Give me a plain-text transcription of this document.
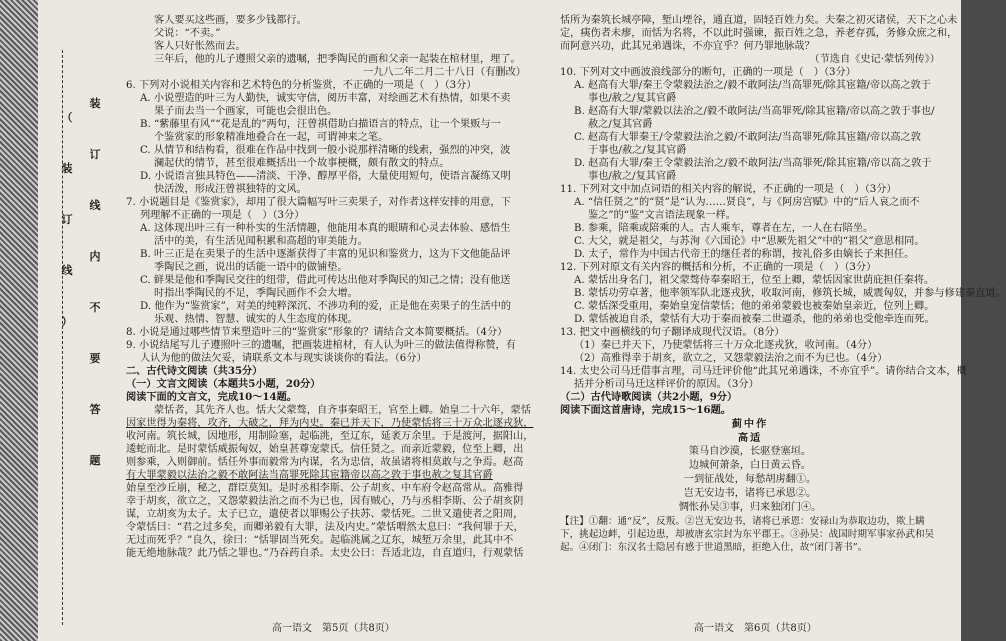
装
订
线
内
不
要
答
题
（
装
订
线
）
客人要买这些画，要多少钱都行。
父说：“不卖。”
客人只好怅然而去。
三年后，他的儿子遵照父亲的遗嘱，把季陶民的画和父亲一起装在棺材里，埋了。
一九八二年二月二十八日（有删改）
6. 下列对小说相关内容和艺术特色的分析鉴赏，不正确的一项是（　）（3分）
A. 小说塑造的叶三为人勤快，诚实守信，阅历丰富，对绘画艺术有热情，如果不卖
果子而去当一个画家，可能也会很出色。
B. “紫藤里有风”“花是乱的”两句，汪曾祺借助白描语言的特点，让一个果贩与一
个鉴赏家的形象精准地叠合在一起，可谓神来之笔。
C. 从情节和结构看，很难在作品中找到一般小说那样清晰的线索，强烈的冲突，波
澜起伏的情节，甚至很难概括出一个故事梗概，颇有散文的特点。
D. 小说语言独具特色——清淡、干净、醇厚平俗，大量使用短句，使语言凝练又明
快活泼，形成汪曾祺独特的文风。
7. 小说题目是《鉴赏家》，却用了很大篇幅写叶三卖果子，对作者这样安排的用意，下
列理解不正确的一项是（　）（3分）
A. 这体现出叶三有一种朴实的生活情趣，他能用本真的眼睛和心灵去体验、感悟生
活中的美，有生活见闻积累和高超的审美能力。
B. 叶三正是在卖果子的生活中逐渐获得了丰富的见识和鉴赏力，这为下文他能品评
季陶民之画，说出的话能一语中的做铺垫。
C. 鲜果是他和季陶民交往的纽带，借此可传达出他对季陶民的知己之情；没有他送
时指出季陶民的不足，季陶民画作不会大增。
D. 他作为“鉴赏家”，对美的纯粹深沉、不涉功利的爱，正是他在卖果子的生活中的
乐观、热情、智慧、诚实的人生态度的体现。
8. 小说是通过哪些情节来塑造叶三的“鉴赏家”形象的？请结合文本简要概括。（4分）
9. 小说结尾写儿子遵照叶三的遗嘱，把画装进棺材，有人认为叶三的做法值得称赞，有
人认为他的做法欠妥，请联系文本与现实谈谈你的看法。（6分）
二、古代诗文阅读（共35分）
（一）文言文阅读（本题共5小题，20分）
阅读下面的文言文，完成10～14题。
蒙恬者，其先齐人也。恬大父蒙骜，自齐事秦昭王，官至上卿。始皇二十六年，蒙恬
因家世得为秦将，攻齐，大破之，拜为内史。秦已并天下，乃使蒙恬将三十万众北逐戎狄，
收河南。筑长城，因地形，用制险塞，起临洮，至辽东，延袤万余里。于是渡河，据阳山，
逶蛇而北。是时蒙恬威振匈奴，始皇甚尊宠蒙氏。信任贤之。而亲近蒙毅，位至上卿，出
则参乘，入则御前。恬任外事而毅常为内谋，名为忠信，故虽诸将相莫敢与之争焉。赵高
有大罪蒙毅以法治之毅不敢阿法当高罪死除其宦籍帝以高之敦于事也赦之复其官爵
始皇至沙丘崩，秘之，群臣莫知。是时丞相李斯、公子胡亥、中车府令赵高常从。高雅得
幸于胡亥，欲立之，又怨蒙毅法治之而不为已也，因有贼心，乃与丞相李斯、公子胡亥阴
谋，立胡亥为太子。太子已立，遣使者以罪赐公子扶苏、蒙恬死。二世又遣使者之阳周，
令蒙恬曰：“君之过多矣，而卿弟毅有大罪，法及内史。”蒙恬喟然太息曰：“我何罪于天，
无过而死乎？”良久，徐曰：“恬罪固当死矣。起临洮属之辽东，城堑万余里，此其中不
能无绝地脉哉？此乃恬之罪也。”乃吞药自杀。太史公曰：吾适北边，自直道归，行观蒙恬
高一语文　第5页（共8页）
恬所为秦筑长城亭障，堑山堙谷，通直道，固轻百姓力矣。夫秦之初灭诸侯，天下之心未
定，痍伤者未瘳，而恬为名将，不以此时强谏，振百姓之急，养老存孤，务修众庶之和，
而阿意兴功，此其兄弟遇诛，不亦宜乎？何乃罪地脉哉？
（节选自《史记·蒙恬列传》）
10. 下列对文中画波浪线部分的断句，正确的一项是（　）（3分）
A. 赵高有大罪/秦王令蒙毅法治之/毅不敢阿法/当高罪死/除其宦籍/帝以高之敦于
事也/赦之/复其官爵
B. 赵高有大罪/蒙毅以法治之/毅不敢阿法/当高罪死/除其宦籍/帝以高之敦于事也/
赦之/复其官爵
C. 赵高有大罪秦王/令蒙毅法治之毅/不敢阿法/当高罪死/除其宦籍/帝以高之敦
于事也/赦之/复其官爵
D. 赵高有大罪/秦王令蒙毅法治之/毅不敢阿法/当高罪死/除其宦籍/帝以高之敦于
事也/赦之/复其官爵
11. 下列对文中加点词语的相关内容的解说，不正确的一项是（　）（3分）
A. “信任贤之”的“贤”是“认为……贤良”，与《阿房宫赋》中的“后人哀之而不
鉴之”的“鉴”文言语法现象一样。
B. 参乘，陪乘或陪乘的人。古人乘车，尊者在左，一人在右陪坐。
C. 大父，就是祖父，与苏洵《六国论》中“思厥先祖父”中的“祖父”意思相同。
D. 太子，常作为中国古代帝王的继任者的称谓，按礼俗多由嫡长子来担任。
12. 下列对原文有关内容的概括和分析，不正确的一项是（　）（3分）
A. 蒙恬出身名门，祖父蒙骜侍奉秦昭王，位至上卿，蒙恬因家世荫庇担任秦将。
B. 蒙恬功劳卓著，他率领军队北逐戎狄，收取河南，修筑长城，威震匈奴，并参与修建秦直道。
C. 蒙恬深受重用，秦始皇宠信蒙恬；他的弟弟蒙毅也被秦始皇亲近，位列上卿。
D. 蒙恬被迫自杀，蒙恬有大功于秦而被秦二世逼杀，他的弟弟也受他牵连而死。
13. 把文中画横线的句子翻译成现代汉语。（8分）
（1）秦已并天下，乃使蒙恬将三十万众北逐戎狄，收河南。（4分）
（2）高雅得幸于胡亥，欲立之，又怨蒙毅法治之而不为已也。（4分）
14. 太史公司马迁借事言理，司马迁评价他“此其兄弟遇诛，不亦宜乎”。请你结合文本，概
括并分析司马迁这样评价的原因。（3分）
（二）古代诗歌阅读（共2小题，9分）
阅读下面这首唐诗，完成15～16题。
蓟中作
高适
策马自沙漠，长驱登塞垣。
边城何萧条，白日黄云昏。
一到征战处，每愁胡虏翻①。
岂无安边书，诸将已承恩②。
惆怅孙吴③事，归来独闭门④。
【注】①翻：通“反”，反叛。②岂无安边书，诸将已承恩：安禄山为恭取边功，欺上瞒下，挑起边衅，引起边患，却被唐玄宗封为东平郡王。③孙吴：战国时期军事家孙武和吴起。④闭门：东汉名士隐居有感于世道黑暗，拒绝入仕，故“闭门著书”。
高一语文　第6页（共8页）
